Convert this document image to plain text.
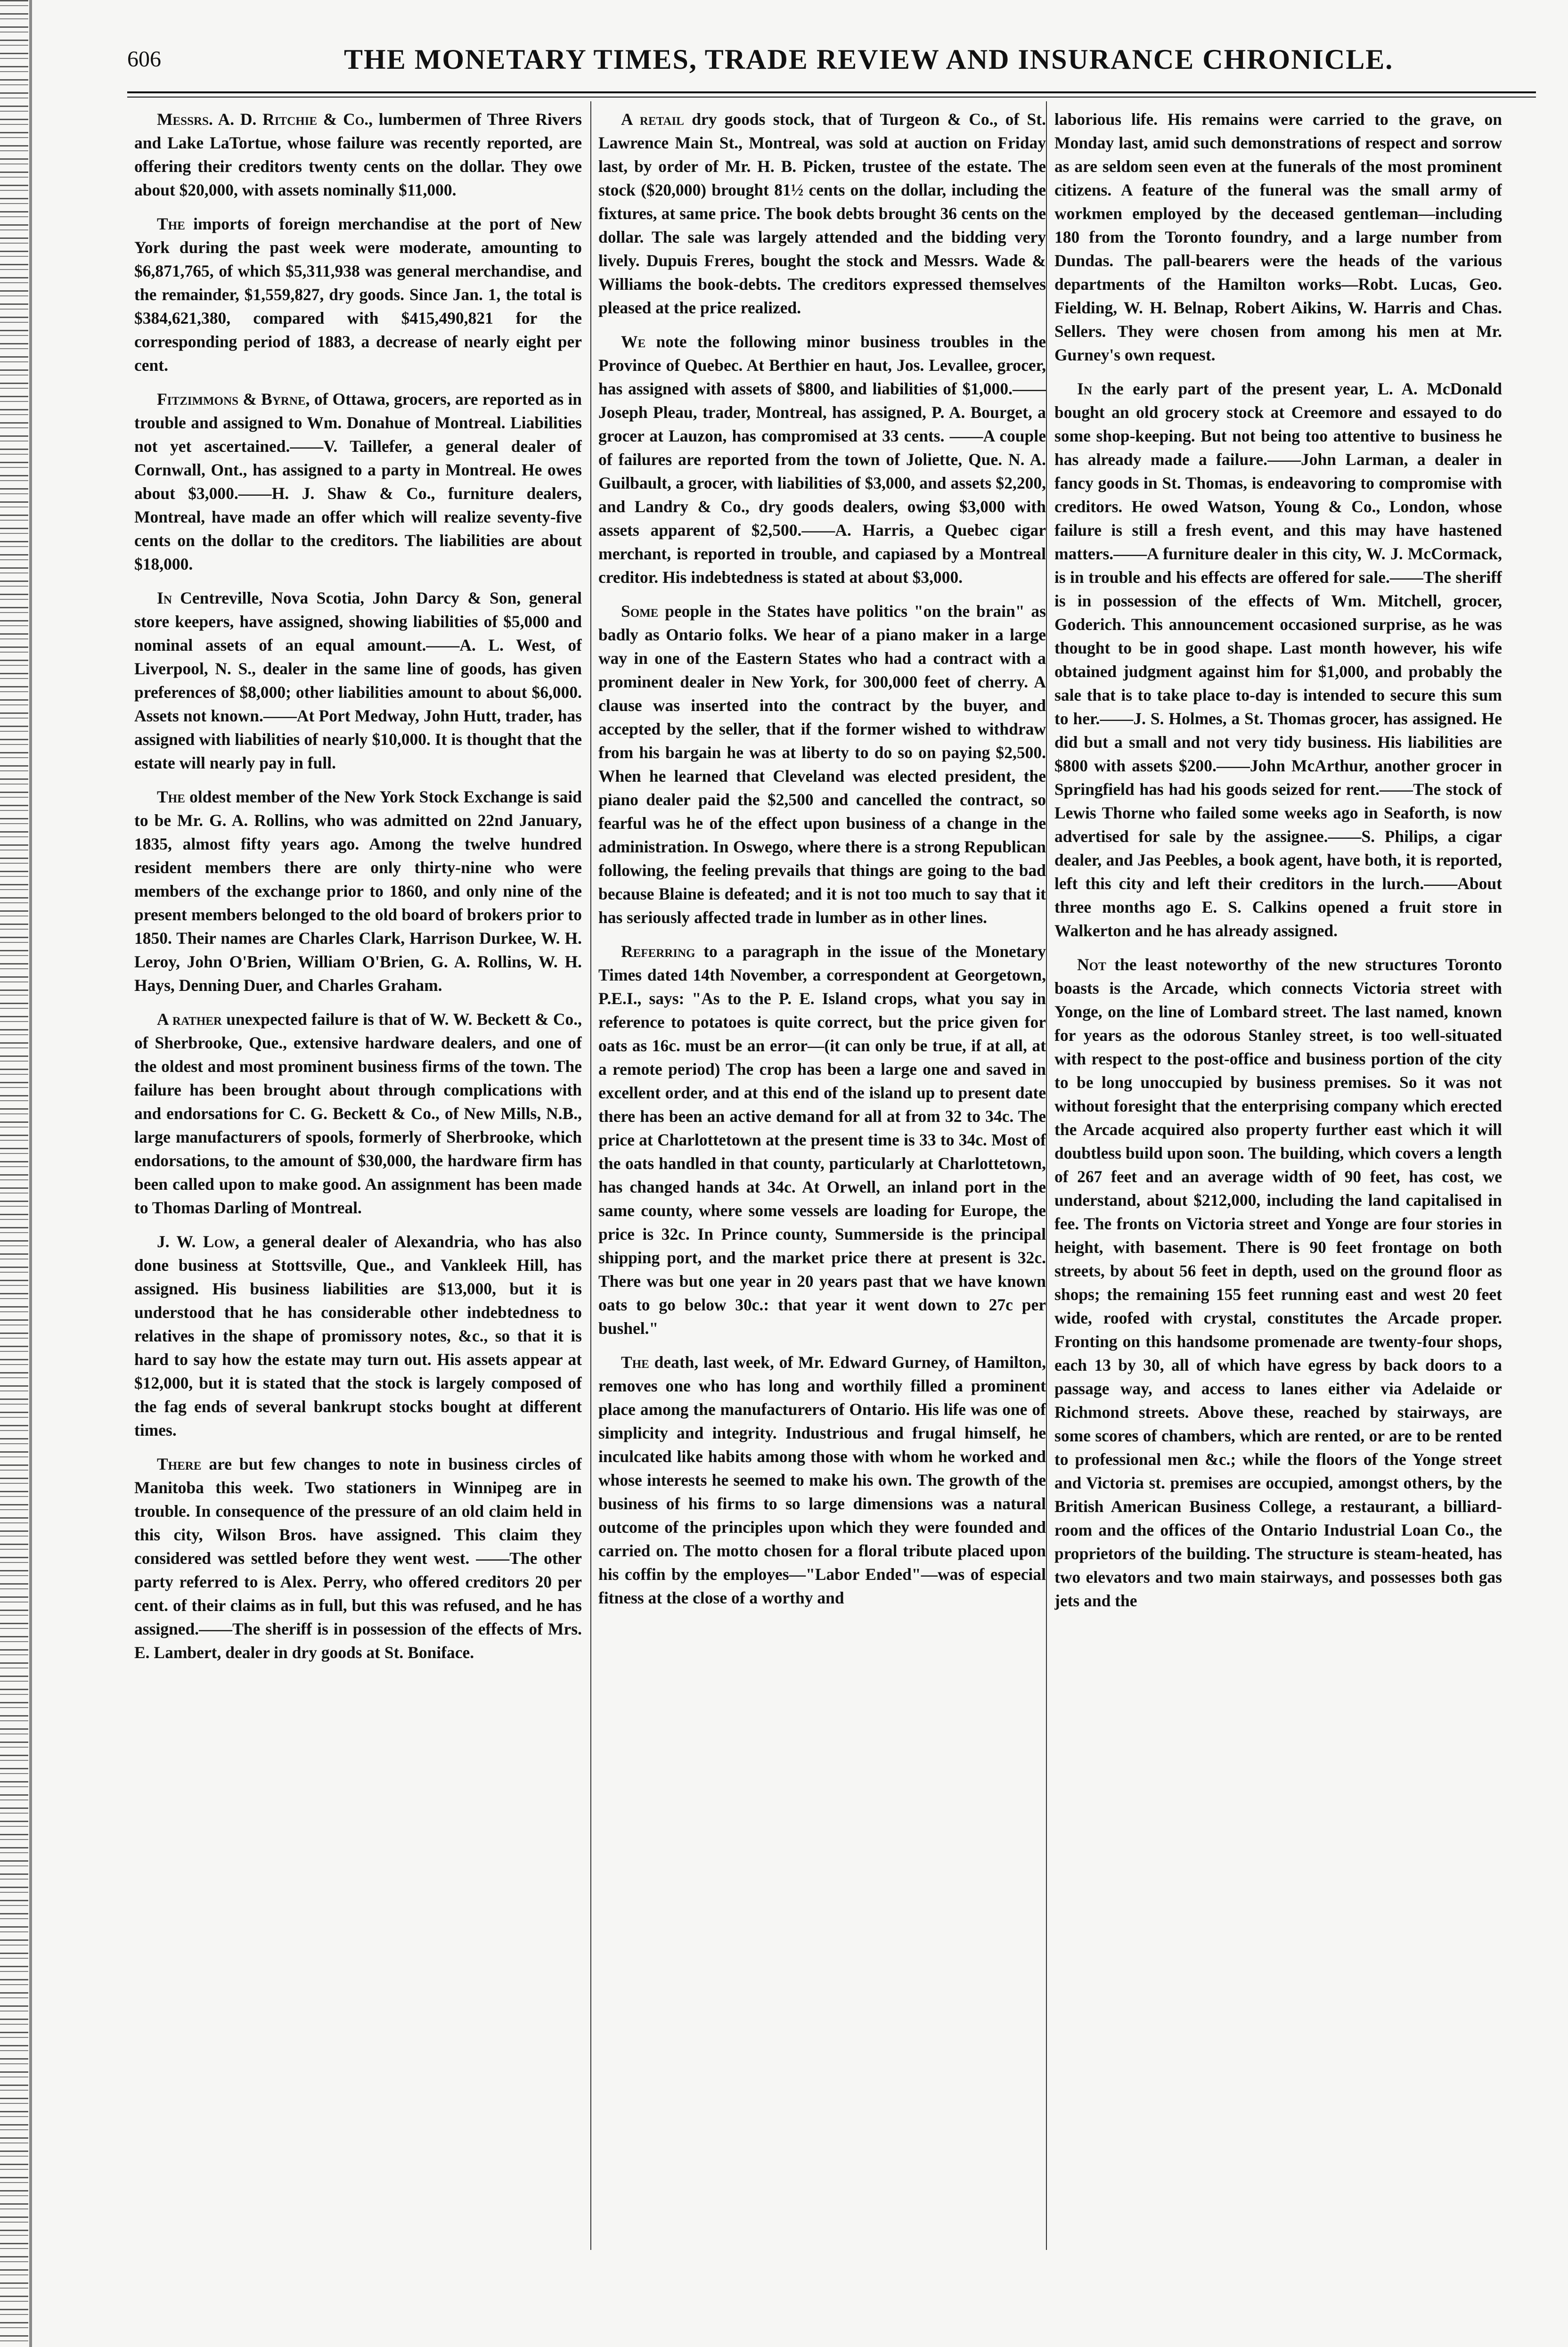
606	THE MONETARY TIMES, TRADE REVIEW AND INSURANCE CHRONICLE.

Messrs. A. D. Ritchie & Co., lumbermen of Three Rivers and Lake LaTortue, whose failure was recently reported, are offering their creditors twenty cents on the dollar. They owe about $20,000, with assets nominally $11,000.

The imports of foreign merchandise at the port of New York during the past week were moderate, amounting to $6,871,765, of which $5,311,938 was general merchandise, and the remainder, $1,559,827, dry goods. Since Jan. 1, the total is $384,621,380, compared with $415,490,821 for the corresponding period of 1883, a decrease of nearly eight per cent.

Fitzimmons & Byrne, of Ottawa, grocers, are reported as in trouble and assigned to Wm. Donahue of Montreal. Liabilities not yet ascertained.——V. Taillefer, a general dealer of Cornwall, Ont., has assigned to a party in Montreal. He owes about $3,000.——H. J. Shaw & Co., furniture dealers, Montreal, have made an offer which will realize seventy-five cents on the dollar to the creditors. The liabilities are about $18,000.

In Centreville, Nova Scotia, John Darcy & Son, general store keepers, have assigned, showing liabilities of $5,000 and nominal assets of an equal amount.——A. L. West, of Liverpool, N. S., dealer in the same line of goods, has given preferences of $8,000; other liabilities amount to about $6,000. Assets not known.——At Port Medway, John Hutt, trader, has assigned with liabilities of nearly $10,000. It is thought that the estate will nearly pay in full.

The oldest member of the New York Stock Exchange is said to be Mr. G. A. Rollins, who was admitted on 22nd January, 1835, almost fifty years ago. Among the twelve hundred resident members there are only thirty-nine who were members of the exchange prior to 1860, and only nine of the present members belonged to the old board of brokers prior to 1850. Their names are Charles Clark, Harrison Durkee, W. H. Leroy, John O'Brien, William O'Brien, G. A. Rollins, W. H. Hays, Denning Duer, and Charles Graham.

A rather unexpected failure is that of W. W. Beckett & Co., of Sherbrooke, Que., extensive hardware dealers, and one of the oldest and most prominent business firms of the town. The failure has been brought about through complications with and endorsations for C. G. Beckett & Co., of New Mills, N.B., large manufacturers of spools, formerly of Sherbrooke, which endorsations, to the amount of $30,000, the hardware firm has been called upon to make good. An assignment has been made to Thomas Darling of Montreal.

J. W. Low, a general dealer of Alexandria, who has also done business at Stottsville, Que., and Vankleek Hill, has assigned. His business liabilities are $13,000, but it is understood that he has considerable other indebtedness to relatives in the shape of promissory notes, &c., so that it is hard to say how the estate may turn out. His assets appear at $12,000, but it is stated that the stock is largely composed of the fag ends of several bankrupt stocks bought at different times.

There are but few changes to note in business circles of Manitoba this week. Two stationers in Winnipeg are in trouble. In consequence of the pressure of an old claim held in this city, Wilson Bros. have assigned. This claim they considered was settled before they went west. ——The other party referred to is Alex. Perry, who offered creditors 20 per cent. of their claims as in full, but this was refused, and he has assigned.——The sheriff is in possession of the effects of Mrs. E. Lambert, dealer in dry goods at St. Boniface.

A retail dry goods stock, that of Turgeon & Co., of St. Lawrence Main St., Montreal, was sold at auction on Friday last, by order of Mr. H. B. Picken, trustee of the estate. The stock ($20,000) brought 81½ cents on the dollar, including the fixtures, at same price. The book debts brought 36 cents on the dollar. The sale was largely attended and the bidding very lively. Dupuis Freres, bought the stock and Messrs. Wade & Williams the book-debts. The creditors expressed themselves pleased at the price realized.

We note the following minor business troubles in the Province of Quebec. At Berthier en haut, Jos. Levallee, grocer, has assigned with assets of $800, and liabilities of $1,000.——Joseph Pleau, trader, Montreal, has assigned, P. A. Bourget, a grocer at Lauzon, has compromised at 33 cents. ——A couple of failures are reported from the town of Joliette, Que. N. A. Guilbault, a grocer, with liabilities of $3,000, and assets $2,200, and Landry & Co., dry goods dealers, owing $3,000 with assets apparent of $2,500.——A. Harris, a Quebec cigar merchant, is reported in trouble, and capiased by a Montreal creditor. His indebtedness is stated at about $3,000.

Some people in the States have politics "on the brain" as badly as Ontario folks. We hear of a piano maker in a large way in one of the Eastern States who had a contract with a prominent dealer in New York, for 300,000 feet of cherry. A clause was inserted into the contract by the buyer, and accepted by the seller, that if the former wished to withdraw from his bargain he was at liberty to do so on paying $2,500. When he learned that Cleveland was elected president, the piano dealer paid the $2,500 and cancelled the contract, so fearful was he of the effect upon business of a change in the administration. In Oswego, where there is a strong Republican following, the feeling prevails that things are going to the bad because Blaine is defeated; and it is not too much to say that it has seriously affected trade in lumber as in other lines.

Referring to a paragraph in the issue of the Monetary Times dated 14th November, a correspondent at Georgetown, P.E.I., says: "As to the P. E. Island crops, what you say in reference to potatoes is quite correct, but the price given for oats as 16c. must be an error—(it can only be true, if at all, at a remote period) The crop has been a large one and saved in excellent order, and at this end of the island up to present date there has been an active demand for all at from 32 to 34c. The price at Charlottetown at the present time is 33 to 34c. Most of the oats handled in that county, particularly at Charlottetown, has changed hands at 34c. At Orwell, an inland port in the same county, where some vessels are loading for Europe, the price is 32c. In Prince county, Summerside is the principal shipping port, and the market price there at present is 32c. There was but one year in 20 years past that we have known oats to go below 30c.: that year it went down to 27c per bushel."

The death, last week, of Mr. Edward Gurney, of Hamilton, removes one who has long and worthily filled a prominent place among the manufacturers of Ontario. His life was one of simplicity and integrity. Industrious and frugal himself, he inculcated like habits among those with whom he worked and whose interests he seemed to make his own. The growth of the business of his firms to so large dimensions was a natural outcome of the principles upon which they were founded and carried on. The motto chosen for a floral tribute placed upon his coffin by the employes—"Labor Ended"—was of especial fitness at the close of a worthy and

laborious life. His remains were carried to the grave, on Monday last, amid such demonstrations of respect and sorrow as are seldom seen even at the funerals of the most prominent citizens. A feature of the funeral was the small army of workmen employed by the deceased gentleman—including 180 from the Toronto foundry, and a large number from Dundas. The pall-bearers were the heads of the various departments of the Hamilton works—Robt. Lucas, Geo. Fielding, W. H. Belnap, Robert Aikins, W. Harris and Chas. Sellers. They were chosen from among his men at Mr. Gurney's own request.

In the early part of the present year, L. A. McDonald bought an old grocery stock at Creemore and essayed to do some shop-keeping. But not being too attentive to business he has already made a failure.——John Larman, a dealer in fancy goods in St. Thomas, is endeavoring to compromise with creditors. He owed Watson, Young & Co., London, whose failure is still a fresh event, and this may have hastened matters.——A furniture dealer in this city, W. J. McCormack, is in trouble and his effects are offered for sale.——The sheriff is in possession of the effects of Wm. Mitchell, grocer, Goderich. This announcement occasioned surprise, as he was thought to be in good shape. Last month however, his wife obtained judgment against him for $1,000, and probably the sale that is to take place to-day is intended to secure this sum to her.——J. S. Holmes, a St. Thomas grocer, has assigned. He did but a small and not very tidy business. His liabilities are $800 with assets $200.——John McArthur, another grocer in Springfield has had his goods seized for rent.——The stock of Lewis Thorne who failed some weeks ago in Seaforth, is now advertised for sale by the assignee.——S. Philips, a cigar dealer, and Jas Peebles, a book agent, have both, it is reported, left this city and left their creditors in the lurch.——About three months ago E. S. Calkins opened a fruit store in Walkerton and he has already assigned.

Not the least noteworthy of the new structures Toronto boasts is the Arcade, which connects Victoria street with Yonge, on the line of Lombard street. The last named, known for years as the odorous Stanley street, is too well-situated with respect to the post-office and business portion of the city to be long unoccupied by business premises. So it was not without foresight that the enterprising company which erected the Arcade acquired also property further east which it will doubtless build upon soon. The building, which covers a length of 267 feet and an average width of 90 feet, has cost, we understand, about $212,000, including the land capitalised in fee. The fronts on Victoria street and Yonge are four stories in height, with basement. There is 90 feet frontage on both streets, by about 56 feet in depth, used on the ground floor as shops; the remaining 155 feet running east and west 20 feet wide, roofed with crystal, constitutes the Arcade proper. Fronting on this handsome promenade are twenty-four shops, each 13 by 30, all of which have egress by back doors to a passage way, and access to lanes either via Adelaide or Richmond streets. Above these, reached by stairways, are some scores of chambers, which are rented, or are to be rented to professional men &c.; while the floors of the Yonge street and Victoria st. premises are occupied, amongst others, by the British American Business College, a restaurant, a billiard-room and the offices of the Ontario Industrial Loan Co., the proprietors of the building. The structure is steam-heated, has two elevators and two main stairways, and possesses both gas jets and the
